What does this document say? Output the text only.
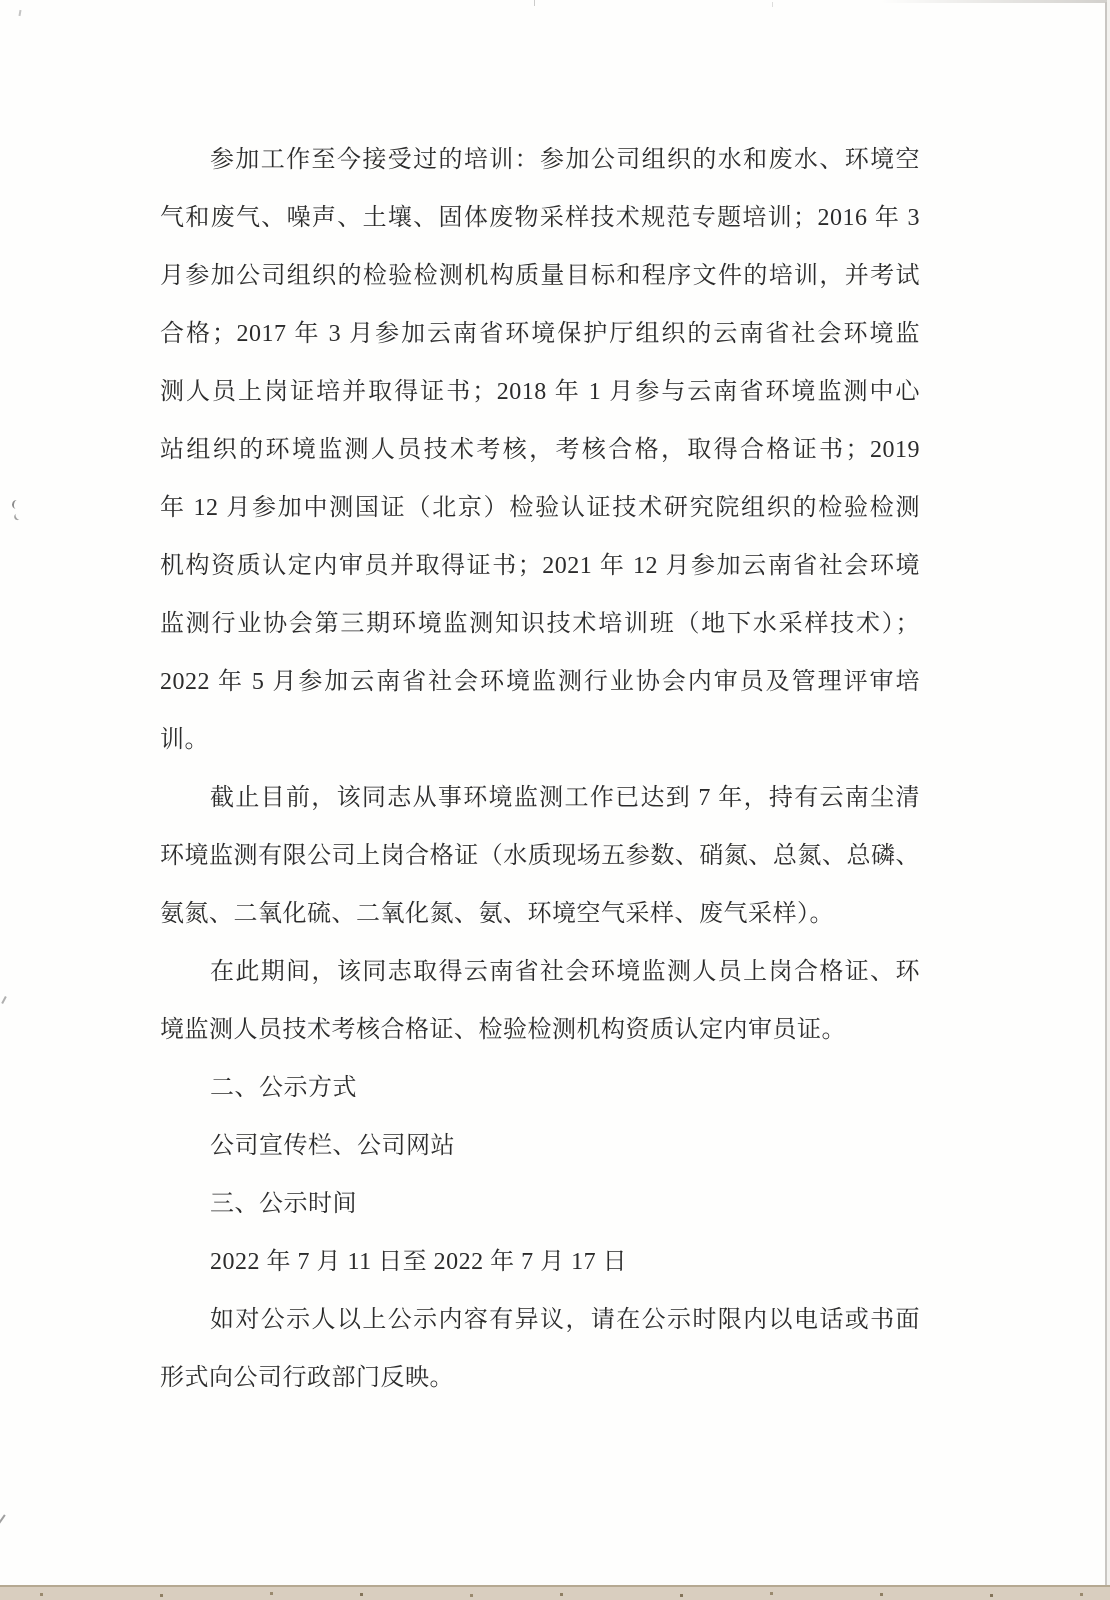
参加工作至今接受过的培训：参加公司组织的水和废水、环境空
气和废气、噪声、土壤、固体废物采样技术规范专题培训；2016 年 3
月参加公司组织的检验检测机构质量目标和程序文件的培训，并考试
合格；2017 年 3 月参加云南省环境保护厅组织的云南省社会环境监
测人员上岗证培并取得证书；2018 年 1 月参与云南省环境监测中心
站组织的环境监测人员技术考核，考核合格，取得合格证书；2019
年 12 月参加中测国证（北京）检验认证技术研究院组织的检验检测
机构资质认定内审员并取得证书；2021 年 12 月参加云南省社会环境
监测行业协会第三期环境监测知识技术培训班（地下水采样技术）；
2022 年 5 月参加云南省社会环境监测行业协会内审员及管理评审培
训。
截止目前，该同志从事环境监测工作已达到 7 年，持有云南尘清
环境监测有限公司上岗合格证（水质现场五参数、硝氮、总氮、总磷、
氨氮、二氧化硫、二氧化氮、氨、环境空气采样、废气采样）。
在此期间，该同志取得云南省社会环境监测人员上岗合格证、环
境监测人员技术考核合格证、检验检测机构资质认定内审员证。
二、公示方式
公司宣传栏、公司网站
三、公示时间
2022 年 7 月 11 日至 2022 年 7 月 17 日
如对公示人以上公示内容有异议，请在公示时限内以电话或书面
形式向公司行政部门反映。
